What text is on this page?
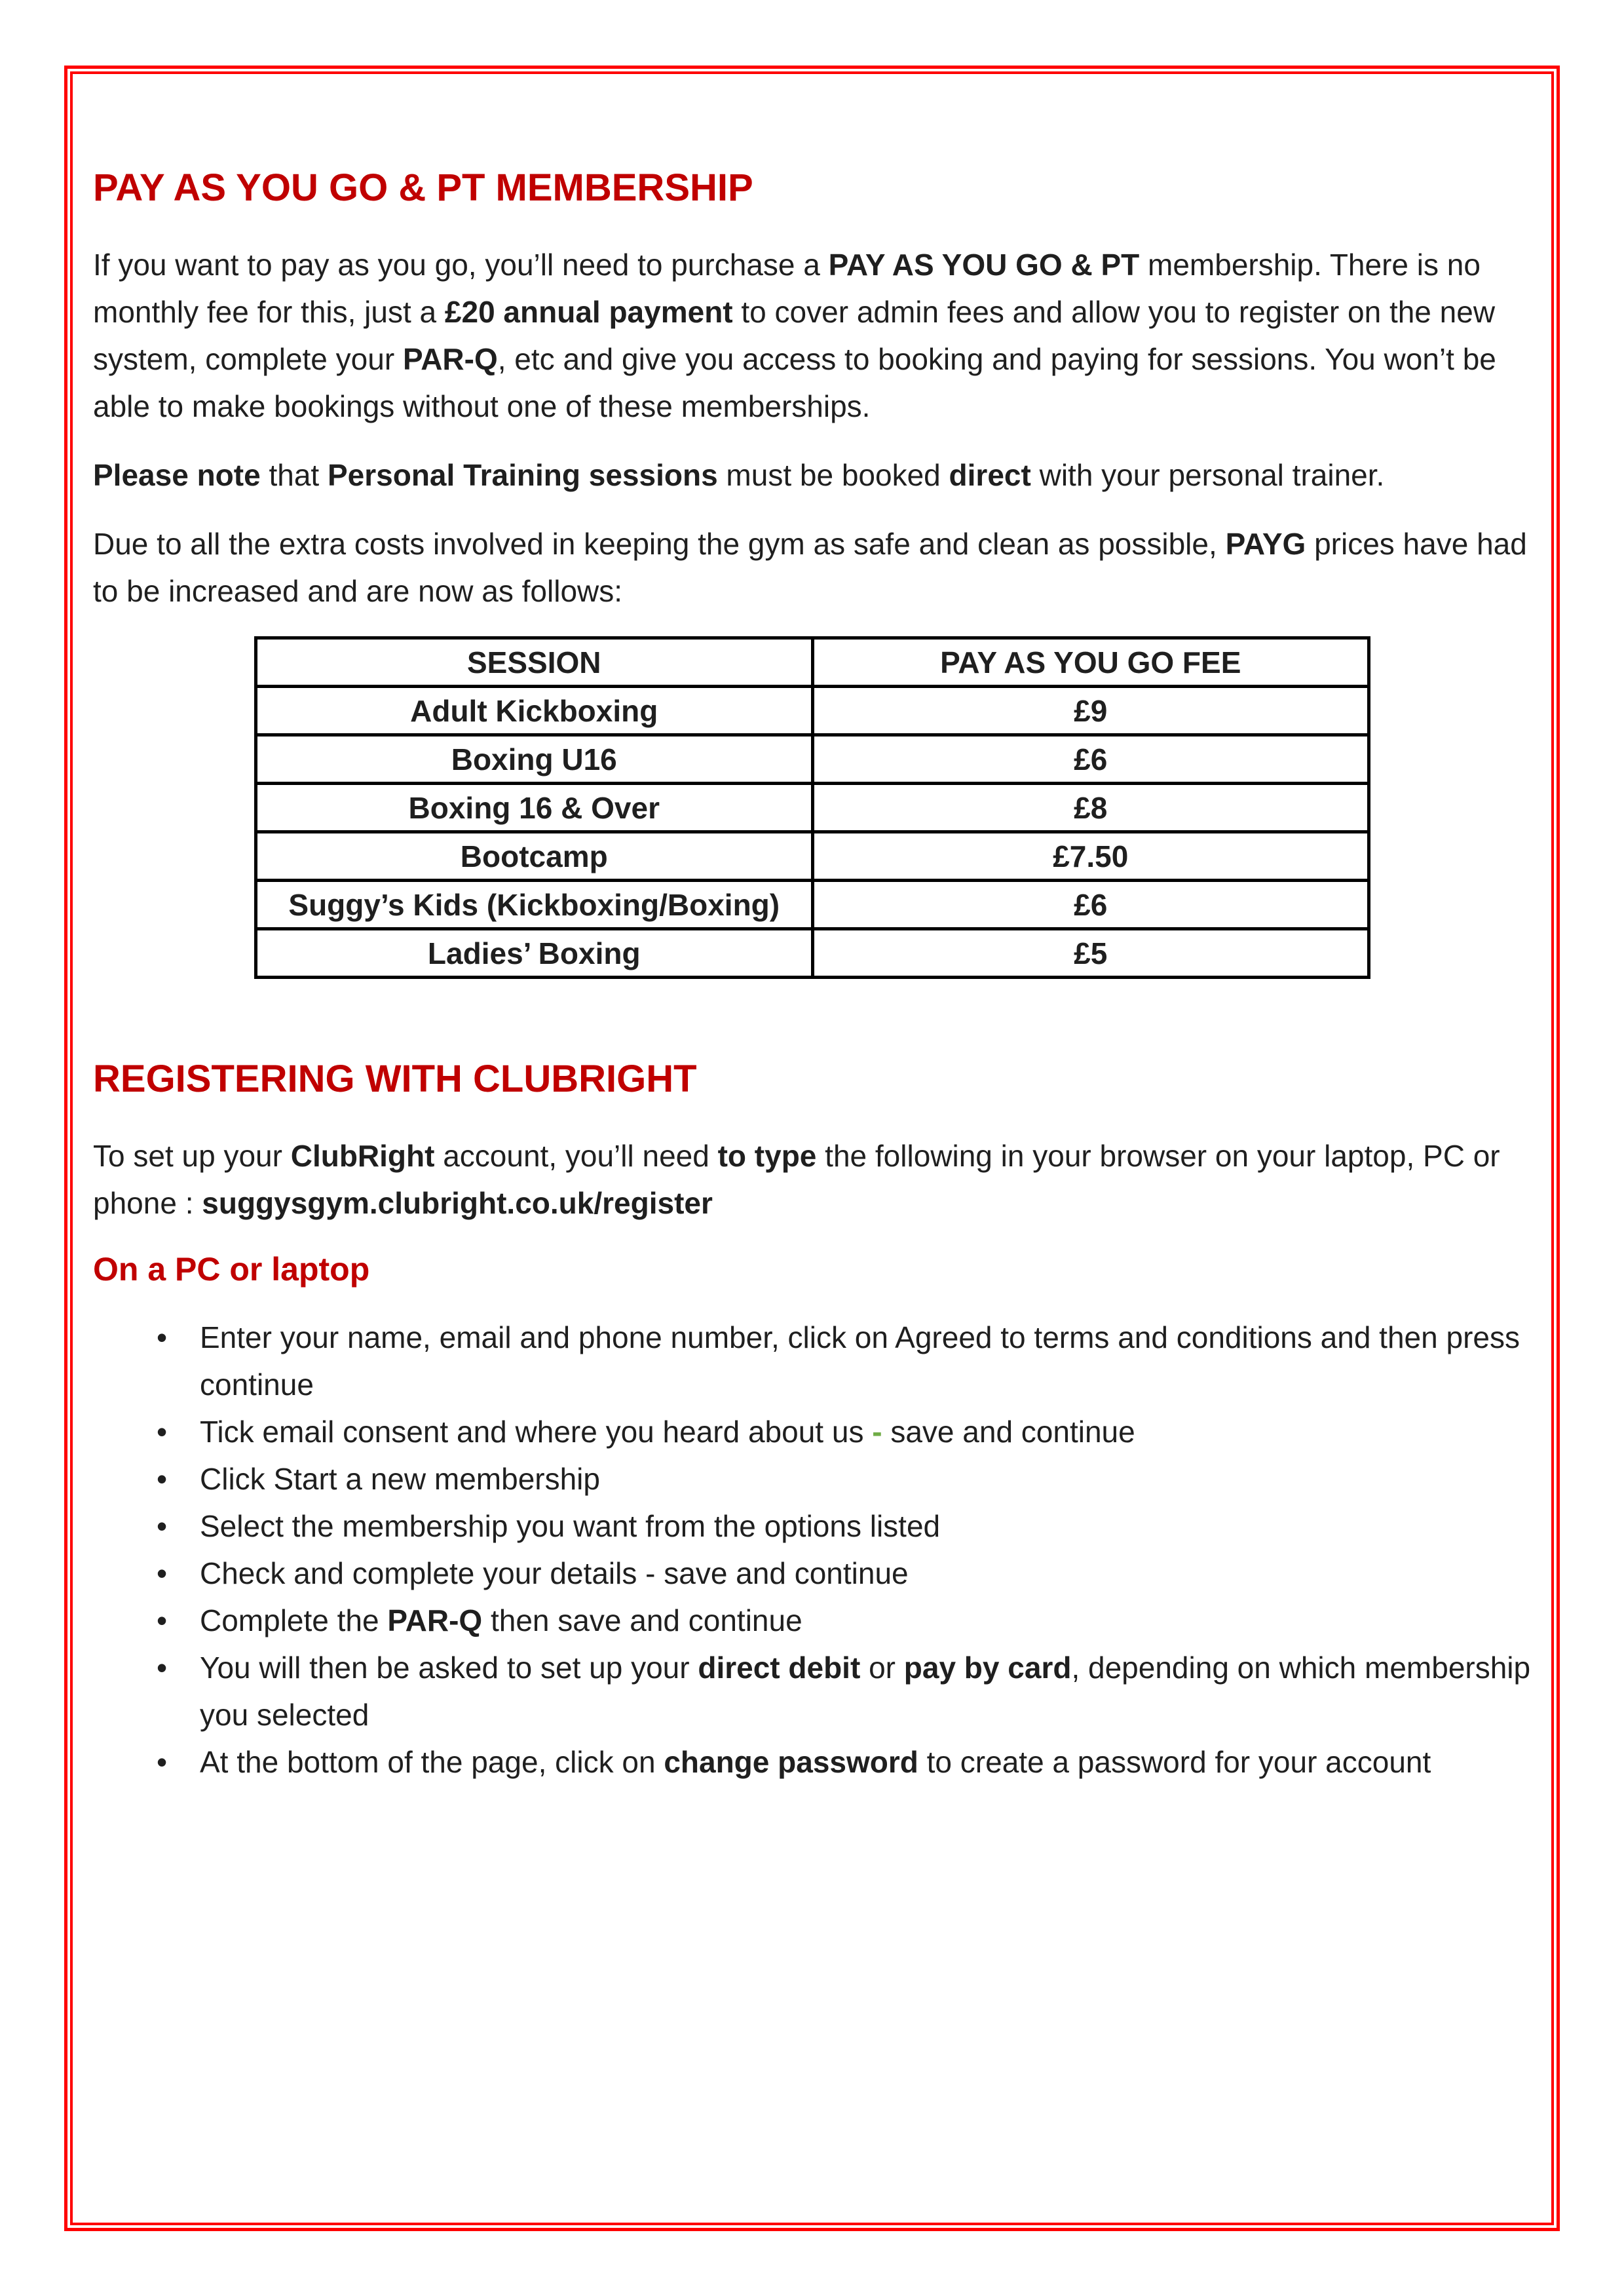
PAY AS YOU GO & PT MEMBERSHIP

If you want to pay as you go, you’ll need to purchase a PAY AS YOU GO & PT membership. There is no monthly fee for this, just a £20 annual payment to cover admin fees and allow you to register on the new system, complete your PAR-Q, etc and give you access to booking and paying for sessions. You won’t be able to make bookings without one of these memberships.

Please note that Personal Training sessions must be booked direct with your personal trainer.

Due to all the extra costs involved in keeping the gym as safe and clean as possible, PAYG prices have had to be increased and are now as follows:

SESSION	PAY AS YOU GO FEE
Adult Kickboxing	£9
Boxing U16	£6
Boxing 16 & Over	£8
Bootcamp	£7.50
Suggy’s Kids (Kickboxing/Boxing)	£6
Ladies’ Boxing	£5
REGISTERING WITH CLUBRIGHT

To set up your ClubRight account, you’ll need to type the following in your browser on your laptop, PC or phone : suggysgym.clubright.co.uk/register

On a PC or laptop
• Enter your name, email and phone number, click on Agreed to terms and conditions and then press continue
• Tick email consent and where you heard about us - save and continue
• Click Start a new membership
• Select the membership you want from the options listed
• Check and complete your details - save and continue
• Complete the PAR-Q then save and continue
• You will then be asked to set up your direct debit or pay by card, depending on which membership you selected
• At the bottom of the page, click on change password to create a password for your account
